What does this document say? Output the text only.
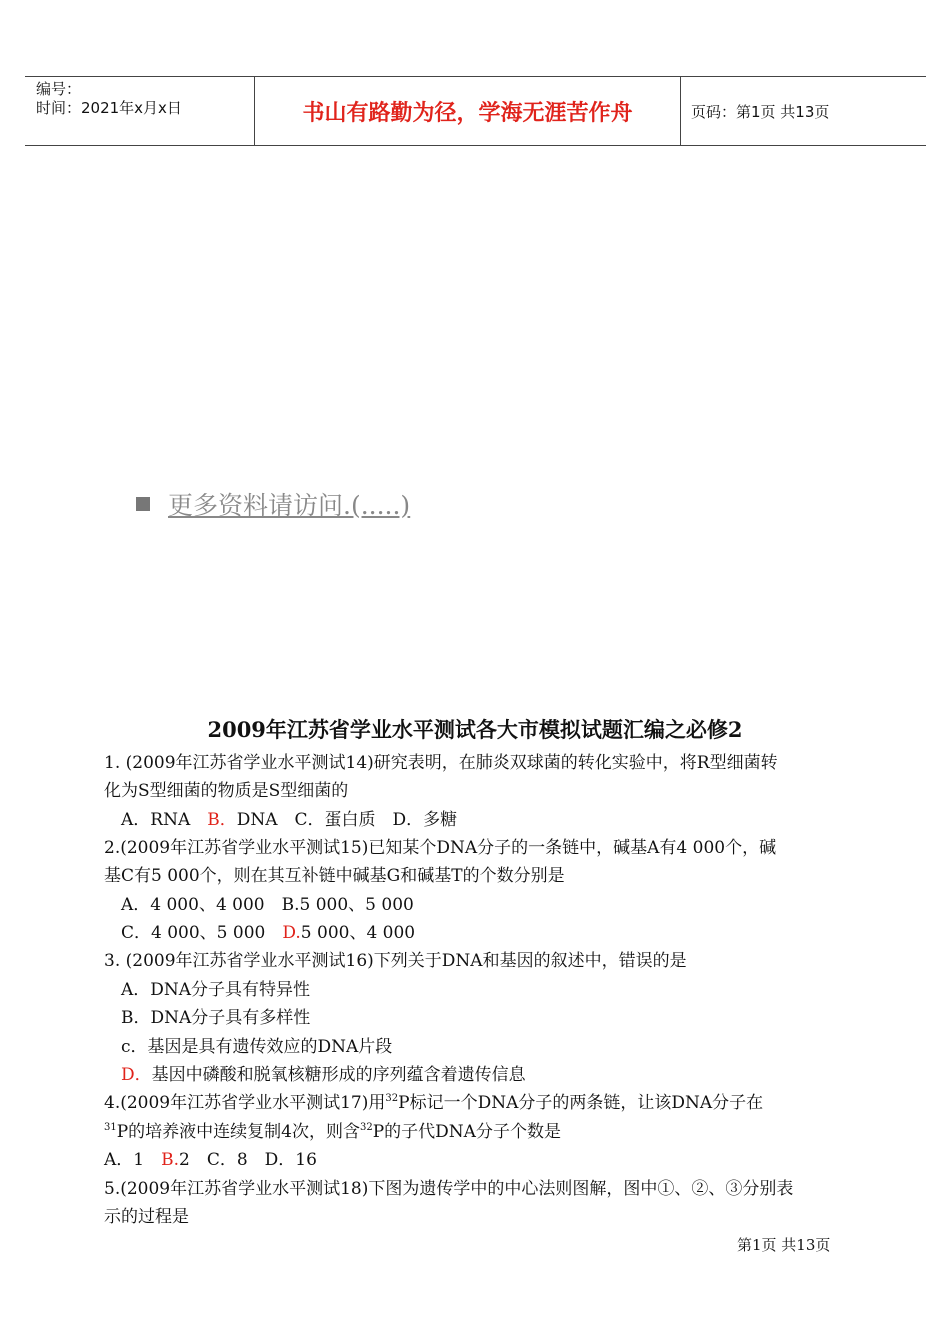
编号：
时间：2021年x月x日	书山有路勤为径，学海无涯苦作舟	页码：第1页 共13页
更多资料请访问.(.....)
2009年江苏省学业水平测试各大市模拟试题汇编之必修2
1. (2009年江苏省学业水平测试14)研究表明，在肺炎双球菌的转化实验中，将R型细菌转
化为S型细菌的物质是S型细菌的
A．RNA　 B．DNA　C．蛋白质　D．多糖
2.(2009年江苏省学业水平测试15)已知某个DNA分子的一条链中，碱基A有4 000个，碱
基C有5 000个，则在其互补链中碱基G和碱基T的个数分别是
A．4 000、4 000　B.5 000、5 000
C．4 000、5 000　D.5 000、4 000
3. (2009年江苏省学业水平测试16)下列关于DNA和基因的叙述中，错误的是
A．DNA分子具有特异性
B．DNA分子具有多样性
c．基因是具有遗传效应的DNA片段
D．基因中磷酸和脱氧核糖形成的序列蕴含着遗传信息
4.(2009年江苏省学业水平测试17)用$^{32}$P标记一个DNA分子的两条链，让该DNA分子在
$^{31}$P的培养液中连续复制4次，则含$^{32}$P的子代DNA分子个数是
A．1　B.2　C．8　D．16
5.(2009年江苏省学业水平测试18)下图为遗传学中的中心法则图解，图中①、②、③分别表
示的过程是
第1页 共13页
